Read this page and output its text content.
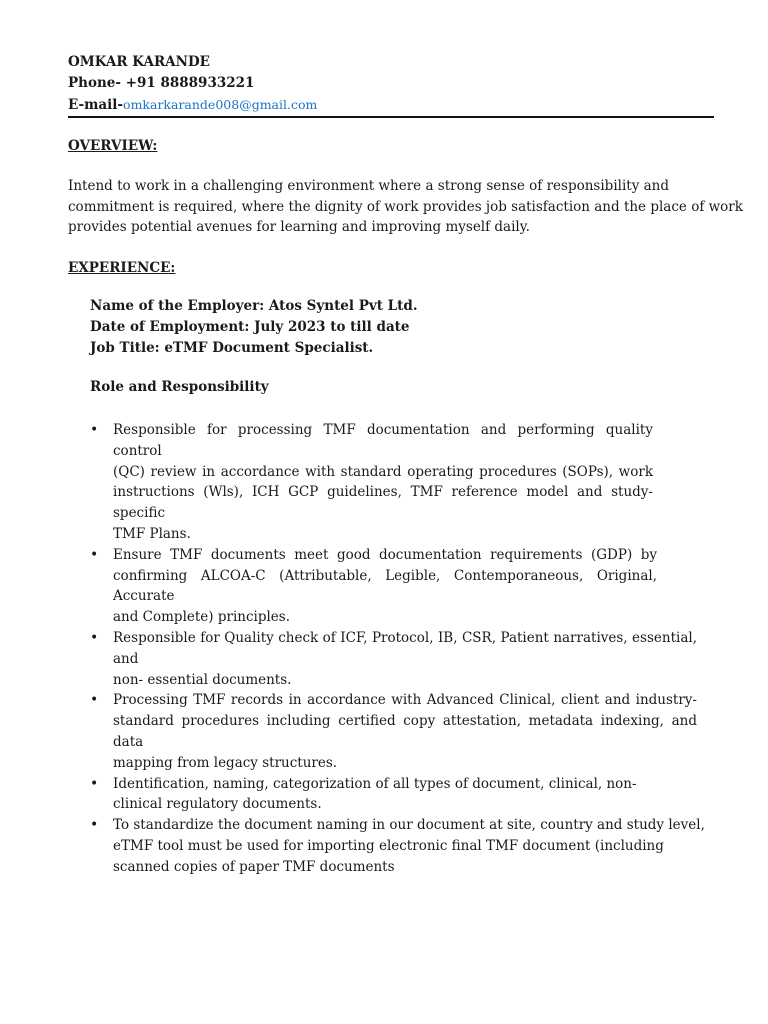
OMKAR KARANDE
Phone- +91 8888933221
E-mail-omkarkarande008@gmail.com
OVERVIEW:
Intend to work in a challenging environment where a strong sense of responsibility and
commitment is required, where the dignity of work provides job satisfaction and the place of work
provides potential avenues for learning and improving myself daily.
EXPERIENCE:
Name of the Employer: Atos Syntel Pvt Ltd.
Date of Employment: July 2023 to till date
Job Title: eTMF Document Specialist.
Role and Responsibility
• Responsible for processing TMF documentation and performing quality control
(QC) review in accordance with standard operating procedures (SOPs), work
instructions (Wls), ICH GCP guidelines, TMF reference model and study-specific
TMF Plans.
• Ensure TMF documents meet good documentation requirements (GDP) by
confirming ALCOA-C (Attributable, Legible, Contemporaneous, Original, Accurate
and Complete) principles.
• Responsible for Quality check of ICF, Protocol, IB, CSR, Patient narratives, essential, and
non- essential documents.
• Processing TMF records in accordance with Advanced Clinical, client and industry-
standard procedures including certified copy attestation, metadata indexing, and data
mapping from legacy structures.
• Identification, naming, categorization of all types of document, clinical, non-
clinical regulatory documents.
• To standardize the document naming in our document at site, country and study level,
eTMF tool must be used for importing electronic final TMF document (including
scanned copies of paper TMF documents
